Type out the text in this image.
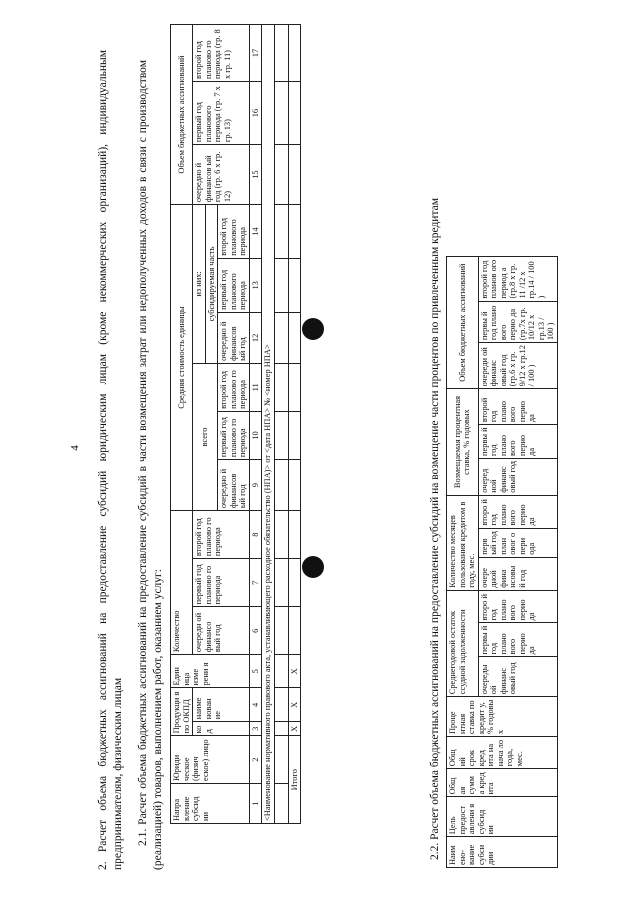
4 2. Расчет объема бюджетных ассигнований на предоставление субсидий юридическим лицам (кроме некоммерческих организаций), индивидуальным предпринимателям, физическим лицам 2.1. Расчет объема бюджетных ассигнований на предоставление субсидий в части возмещения затрат или недополученных доходов в связи с производством (реализацией) товаров, выполнением работ, оказанием услуг: Напра вление субсид ии	Юриди ческое (физич еское) лицо	Продукци я по ОКПД		Един ица изме рени я	Количество			Средняя стоимость единицы						Объем бюджетных ассигнований		
		ко д	наиме нован ие		очередн ой финансо вый год	первый год планово го периода	второй год планово го периода	всего			из них:			очередно й финансов ый год (гр. 6 х гр. 12)	первый год планового периода (гр. 7 х гр. 13)	второй год планово го периода (гр. 8 х гр. 11)
											субсидируемая часть					
								очередно й финансов ый год	первый год планово го периода	второй год планово го периода	очередно й финансов ый год	первый год планового периода	второй год планового периода			
1	2	3	4	5	6	7	8	9	10	11	12	13	14	15	16	17
<Наименование нормативного правового акта, устанавливающего расходное обязательство (НПА)> от <дата НПА> № <номер НПА>																

Итого		X	X	X													2.2. Расчет объема бюджетных ассигнований на предоставление субсидий на возмещение части процентов по привлеченным кредитам Наим ено- вание субси дии	Цель предост авлени я субсид ии	Общ ая сумм а кред ита	Общ ий срок кред ита на нача ло года, мес.	Проце нтная ставка по кредит у, % годовы х	Среднегодовой остаток ссудной задолженности			Количество месяцев пользования кредитом в году, мес.			Возмещаемая процентная ставка, % годовых			Объем бюджетных ассигнований		
					очереды ой финанс овый год	первы й год плано вого перио да	второ й год плано вого перио да	очере дной фина нсовы й год	перв ый год план овог о пери ода	второ й год плано вого перио да	очеред ной финанс овый год	первы й год плано вого перио да	второй год плано вого перио да	очереди ой финанс овый год (гр.6 х гр. 9/12 х гр.12 / 100 )	первы й год плано вого перио да (гр.7х гр. 10/12 х гр.13 / 100 )	второй год планов ого период а (гр.8 х гр. 11 /12 х гр.14 / 100 )
